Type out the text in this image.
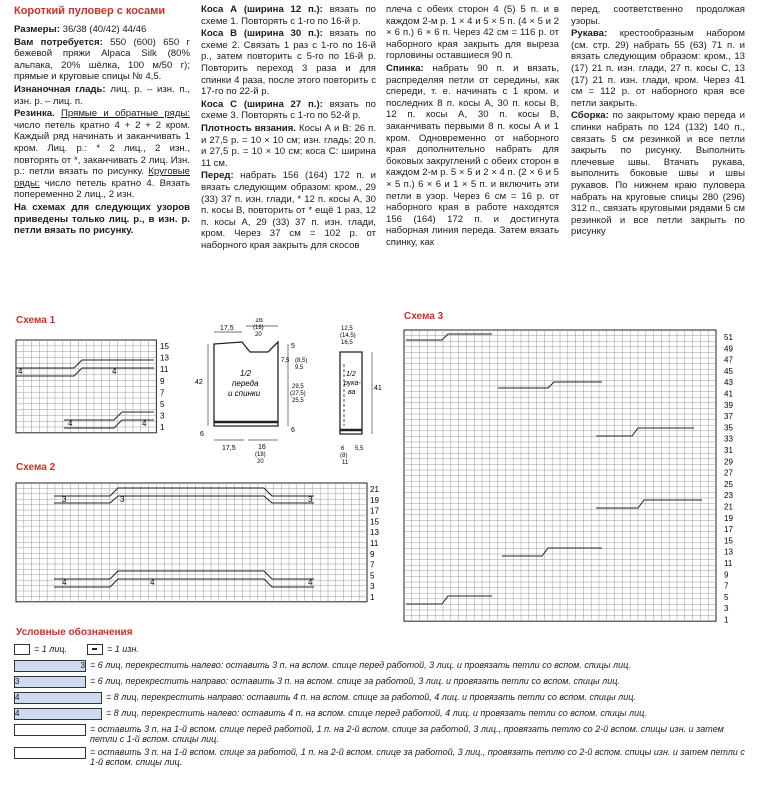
Короткий пуловер с косами

Размеры: 36/38 (40/42) 44/46

Вам потребуется: 550 (600) 650 г бежевой пряжи Alpaca Silk (80% альпака, 20% шёлка, 100 м/50 г); прямые и круговые спицы № 4,5.

Изнаночная гладь: лиц. р. – изн. п., изн. р. – лиц. п.

Резинка. Прямые и обратные ряды: число петель кратно 4 + 2 + 2 кром. Каждый ряд начинать и заканчивать 1 кром. Лиц. р.: * 2 лиц., 2 изн., повторять от *, заканчивать 2 лиц. Изн. р.: петли вязать по рисунку. Круговые ряды: число петель кратно 4. Вязать попеременно 2 лиц., 2 изн.

На схемах для следующих узоров приведены только лиц. р., в изн. р. петли вязать по рисунку.

Коса А (ширина 12 п.): вязать по схеме 1. Повторять с 1-го по 16-й р.

Коса В (ширина 30 п.): вязать по схеме 2. Связать 1 раз с 1-го по 16-й р., затем повторить с 5-го по 16-й р. Повторить переход 3 раза и для спинки 4 раза, после этого повторить с 17-го по 22-й р.

Коса С (ширина 27 п.): вязать по схеме 3. Повторять с 1-го по 52-й р.

Плотность вязания. Косы А и В: 26 п. и 27,5 р. = 10 × 10 см; изн. гладь: 20 п. и 27,5 р. = 10 × 10 см; коса С: ширина 11 см.

Перед: набрать 156 (164) 172 п. и вязать следующим образом: кром., 29 (33) 37 п. изн. глади, * 12 п. косы А, 30 п. косы В, повторить от * ещё 1 раз, 12 п. косы А, 29 (33) 37 п. изн. глади, кром. Через 37 см = 102 р. от наборного края закрыть для скосов

плеча с обеих сторон 4 (5) 5 п. и в каждом 2-м р. 1 × 4 и 5 × 5 п. (4 × 5 и 2 × 6 п.) 6 × 6 п. Через 42 см = 116 р. от наборного края закрыть для выреза горловины оставшиеся 90 п.

Спинка: набрать 90 п. и вязать, распределяя петли от середины, как спереди, т. е. начинать с 1 кром. и последних 8 п. косы А, 30 п. косы В, 12 п. косы А, 30 п. косы В, заканчивать первыми 8 п. косы А и 1 кром. Одновременно от наборного края дополнительно набрать для боковых закруглений с обеих сторон в каждом 2-м р. 5 × 5 и 2 × 4 п. (2 × 6 и 5 × 5 п.) 6 × 6 и 1 × 5 п. и включить эти петли в узор. Через 6 см = 16 р. от наборного края в работе находятся 156 (164) 172 п. и достигнута наборная линия переда. Затем вязать спинку, как

перед, соответственно продолжая узоры.

Рукава: крестообразным набором (см. стр. 29) набрать 55 (63) 71 п. и вязать следующим образом: кром., 13 (17) 21 п. изн. глади, 27 п. косы С, 13 (17) 21 п. изн. глади, кром. Через 41 см = 112 р. от наборного края все петли закрыть.

Сборка: по закрытому краю переда и спинки набрать по 124 (132) 140 п., связать 5 см резинкой и все петли закрыть по рисунку. Выполнить плечевые швы. Втачать рукава, выполнить боковые швы и швы рукавов. По нижнем краю пуловера набрать на круговые спицы 280 (296) 312 п., связать круговыми рядами 5 см резинкой и все петли закрыть по рисунку

Схема 1
Схема 2
Схема 3
Условные обозначения
4	4
4	4
15
13
11
9
7
5
3
1
3	3	3
4	4	4
21
19
17
15
13
11
9
7
5
3
1
17,5
16
(18)
20
42
5
7,5 (8,5)
9,5
29,5
(27,5)
25,5
6
6
17,5	16
(18)
20
1/2
переда
и спинки
12,5
(14,5)
16,5
41
1/2
рука-
ва
6
(8)
11
5,5
51
49
47
45
43
41
39
37
35
33
31
29
27
25
23
21
19
17
15
13
11
9
7
5
3
1
= 1 лиц.	= 1 изн.
3 = 6 лиц. перекрестить налево: оставить 3 п. на вспом. спице перед работой, 3 лиц. и провязать петли со вспом. спицы лиц.
3	= 6 лиц. перекрестить направо: оставить 3 п. на вспом. спице за работой, 3 лиц. и провязать петли со вспом. спицы лиц.
4	= 8 лиц. перекрестить направо: оставить 4 п. на вспом. спице за работой, 4 лиц. и провязать петли со вспом. спицы лиц.
4	= 8 лиц. перекрестить налево: оставить 4 п. на вспом. спице перед работой, 4 лиц. и провязать петли со вспом. спицы лиц.
= оставить 3 п. на 1-й вспом. спице перед работой, 1 п. на 2-й вспом. спице за работой, 3 лиц., провязать петлю со 2-й вспом. спицы изн. и затем петли с 1-й вспом. спицы лиц.
= оставить 3 п. на 1-й вспом. спице за работой, 1 п. на 2-й вспом. спице за работой, 3 лиц., провязать петлю со 2-й вспом. спицы изн. и затем петли с 1-й вспом. спицы лиц.
